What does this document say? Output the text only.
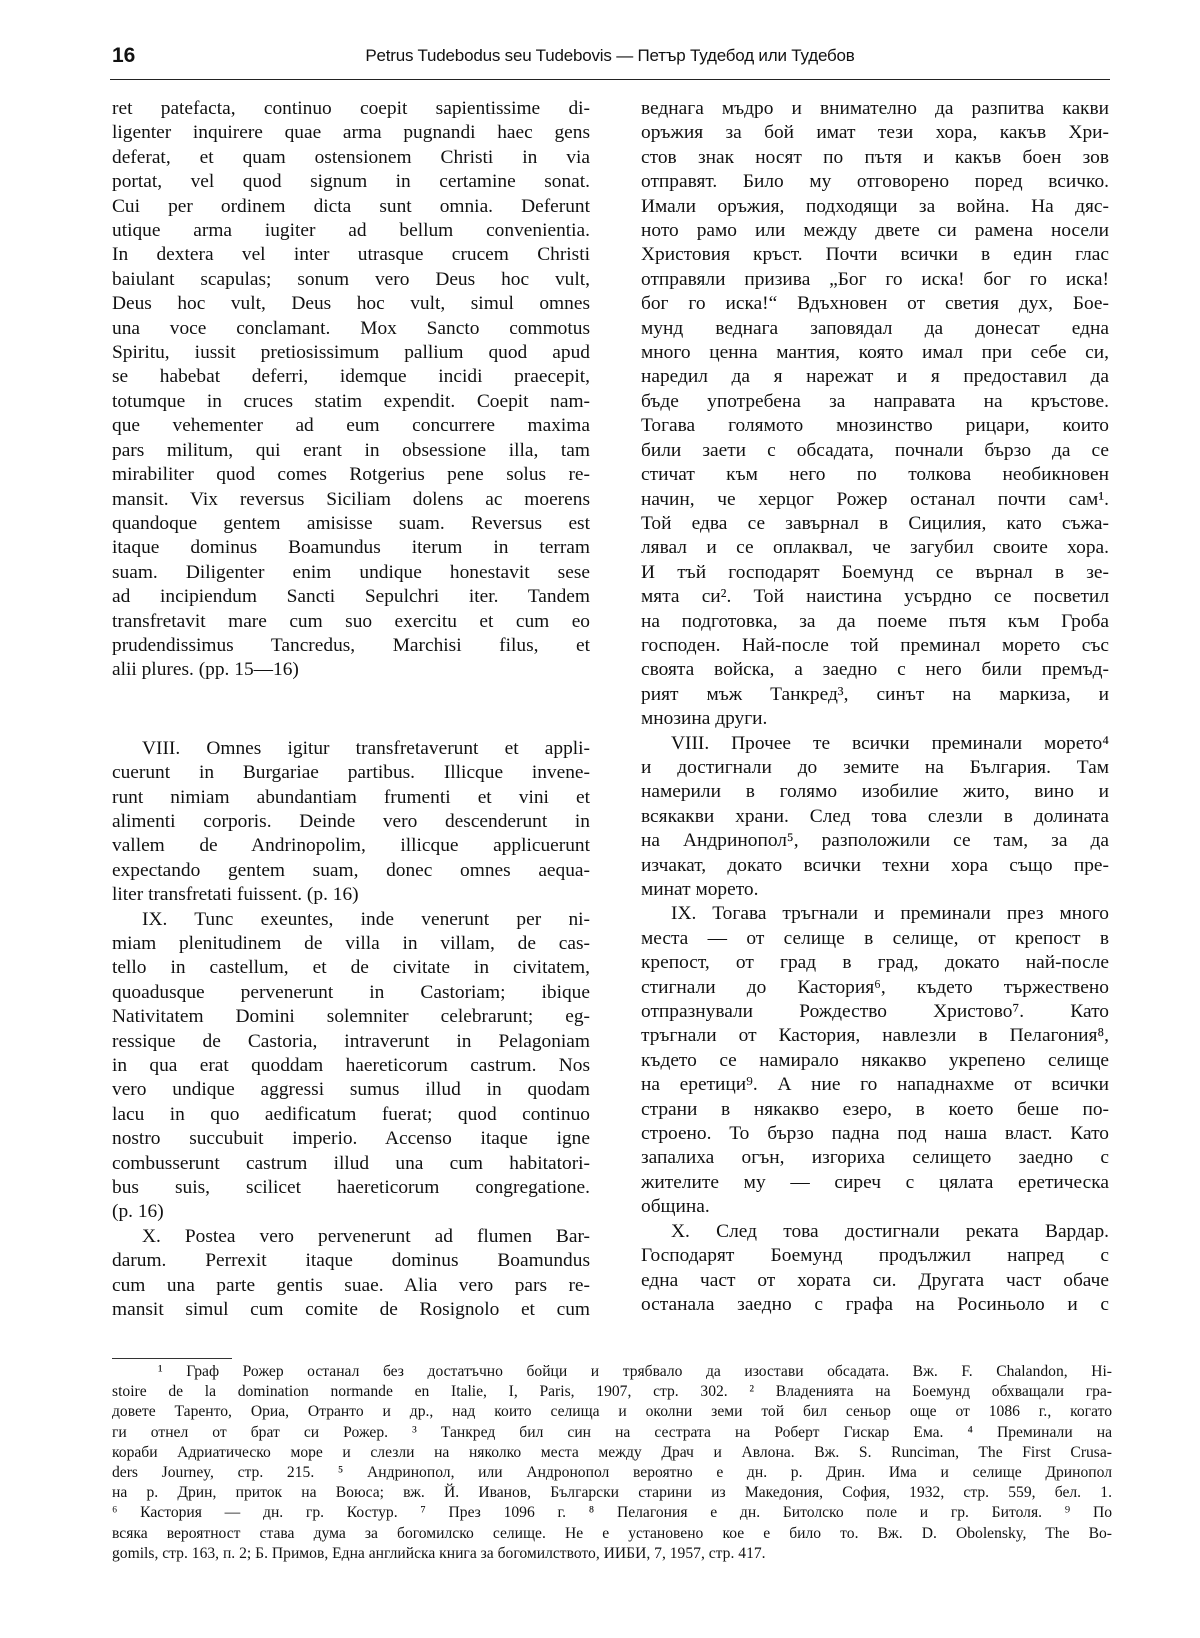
16	Petrus Tudebodus seu Tudebovis — Петър Тудебод или Тудебов
ret patefacta, continuo coepit sapientissime di-
ligenter inquirere quae arma pugnandi haec gens
deferat, et quam ostensionem Christi in via
portat, vel quod signum in certamine sonat.
Cui per ordinem dicta sunt omnia. Deferunt
utique arma iugiter ad bellum convenientia.
In dextera vel inter utrasque crucem Christi
baiulant scapulas; sonum vero Deus hoc vult,
Deus hoc vult, Deus hoc vult, simul omnes
una voce conclamant. Mox Sancto commotus
Spiritu, iussit pretiosissimum pallium quod apud
se habebat deferri, idemque incidi praecepit,
totumque in cruces statim expendit. Coepit nam-
que vehementer ad eum concurrere maxima
pars militum, qui erant in obsessione illa, tam
mirabiliter quod comes Rotgerius pene solus re-
mansit. Vix reversus Siciliam dolens ac moerens
quandoque gentem amisisse suam. Reversus est
itaque dominus Boamundus iterum in terram
suam. Diligenter enim undique honestavit sese
ad incipiendum Sancti Sepulchri iter. Tandem
transfretavit mare cum suo exercitu et cum eo
prudendissimus Tancredus, Marchisi filus, et
alii plures. (pp. 15—16)
VIII. Omnes igitur transfretaverunt et appli-
cuerunt in Burgariae partibus. Illicque invene-
runt nimiam abundantiam frumenti et vini et
alimenti corporis. Deinde vero descenderunt in
vallem de Andrinopolim, illicque applicuerunt
expectando gentem suam, donec omnes aequa-
liter transfretati fuissent. (p. 16)
IX. Tunc exeuntes, inde venerunt per ni-
miam plenitudinem de villa in villam, de cas-
tello in castellum, et de civitate in civitatem,
quoadusque pervenerunt in Castoriam; ibique
Nativitatem Domini solemniter celebrarunt; eg-
ressique de Castoria, intraverunt in Pelagoniam
in qua erat quoddam haereticorum castrum. Nos
vero undique aggressi sumus illud in quodam
lacu in quo aedificatum fuerat; quod continuo
nostro succubuit imperio. Accenso itaque igne
combusserunt castrum illud una cum habitatori-
bus suis, scilicet haereticorum congregatione.
(p. 16)
X. Postea vero pervenerunt ad flumen Bar-
darum. Perrexit itaque dominus Boamundus
cum una parte gentis suae. Alia vero pars re-
mansit simul cum comite de Rosignolo et cum
веднага мъдро и внимателно да разпитва какви
оръжия за бой имат тези хора, какъв Хри-
стов знак носят по пътя и какъв боен зов
отправят. Било му отговорено поред всичко.
Имали оръжия, подходящи за война. На дяс-
ното рамо или между двете си рамена носели
Христовия кръст. Почти всички в един глас
отправяли призива „Бог го иска! бог го иска!
бог го иска!“ Вдъхновен от светия дух, Бое-
мунд веднага заповядал да донесат една
много ценна мантия, която имал при себе си,
наредил да я нарежат и я предоставил да
бъде употребена за направата на кръстове.
Тогава голямото мнозинство рицари, които
били заети с обсадата, почнали бързо да се
стичат към него по толкова необикновен
начин, че херцог Рожер останал почти сам¹.
Той едва се завърнал в Сицилия, като съжа-
лявал и се оплаквал, че загубил своите хора.
И тъй господарят Боемунд се върнал в зе-
мята си². Той наистина усърдно се посветил
на подготовка, за да поеме пътя към Гроба
господен. Най-после той преминал морето със
своята войска, а заедно с него били премъд-
рият мъж Танкред³, синът на маркиза, и
мнозина други.
VIII. Прочее те всички преминали морето⁴
и достигнали до земите на България. Там
намерили в голямо изобилие жито, вино и
всякакви храни. След това слезли в долината
на Андринопол⁵, разположили се там, за да
изчакат, докато всички техни хора също пре-
минат морето.
IX. Тогава тръгнали и преминали през много
места — от селище в селище, от крепост в
крепост, от град в град, докато най-после
стигнали до Кастория⁶, където тържествено
отпразнували Рождество Христово⁷. Като
тръгнали от Кастория, навлезли в Пелагония⁸,
където се намирало някакво укрепено селище
на еретици⁹. А ние го нападнахме от всички
страни в някакво езеро, в което беше по-
строено. То бързо падна под наша власт. Като
запалиха огън, изгориха селището заедно с
жителите му — сиреч с цялата еретическа
община.
X. След това достигнали реката Вардар.
Господарят Боемунд продължил напред с
една част от хората си. Другата част обаче
останала заедно с графа на Росиньоло и с
¹ Граф Рожер останал без достатъчно бойци и трябвало да изостави обсадата. Вж. F. Chalandon, Hi-
stoire de la domination normande en Italie, I, Paris, 1907, стр. 302. ² Владенията на Боемунд обхващали гра-
довете Таренто, Ориа, Отранто и др., над които селища и околни земи той бил сеньор още от 1086 г., когато
ги отнел от брат си Рожер. ³ Танкред бил син на сестрата на Роберт Гискар Ема. ⁴ Преминали на
кораби Адриатическо море и слезли на няколко места между Драч и Авлона. Вж. S. Runciman, The First Crusa-
ders Journey, стр. 215. ⁵ Андринопол, или Андронопол вероятно е дн. р. Дрин. Има и селище Дринопол
на р. Дрин, приток на Воюса; вж. Й. Иванов, Български старини из Македония, София, 1932, стр. 559, бел. 1.
⁶ Кастория — дн. гр. Костур. ⁷ През 1096 г. ⁸ Пелагония е дн. Битолско поле и гр. Битоля. ⁹ По
всяка вероятност става дума за богомилско селище. Не е установено кое е било то. Вж. D. Obolensky, The Bo-
gomils, стр. 163, п. 2; Б. Примов, Една английска книга за богомилството, ИИБИ, 7, 1957, стр. 417.
